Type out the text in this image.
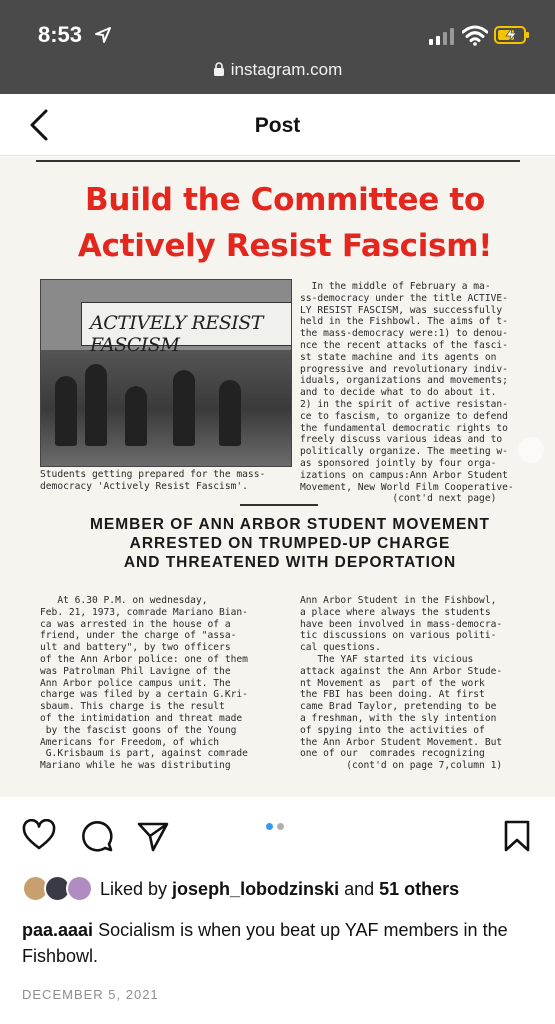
8:53
instagram.com
Post
Build the Committee to
Actively Resist Fascism!
ACTIVELY RESIST FASCISM
Students getting prepared for the mass-
democracy 'Actively Resist Fascism'.
In the middle of February a ma-
ss-democracy under the title ACTIVE-
LY RESIST FASCISM, was successfully
held in the Fishbowl. The aims of t-
the mass-democracy were:1) to denou-
nce the recent attacks of the fasci-
st state machine and its agents on
progressive and revolutionary indiv-
iduals, organizations and movements;
and to decide what to do about it.
2) in the spirit of active resistan-
ce to fascism, to organize to defend
the fundamental democratic rights to
freely discuss various ideas and to
politically organize. The meeting w-
as sponsored jointly by four orga-
izations on campus:Ann Arbor Student
Movement, New World Film Cooperative-
(cont'd next page)
MEMBER OF ANN ARBOR STUDENT MOVEMENT
ARRESTED ON TRUMPED-UP CHARGE
AND THREATENED WITH DEPORTATION
At 6.30 P.M. on wednesday,
Feb. 21, 1973, comrade Mariano Bian-
ca was arrested in the house of a
friend, under the charge of "assa-
ult and battery", by two officers
of the Ann Arbor police: one of them
was Patrolman Phil Lavigne of the
Ann Arbor police campus unit. The
charge was filed by a certain G.Kri-
sbaum. This charge is the result
of the intimidation and threat made
by the fascist goons of the Young
Americans for Freedom, of which
G.Krisbaum is part, against comrade
Mariano while he was distributing
Ann Arbor Student in the Fishbowl,
a place where always the students
have been involved in mass-democra-
tic discussions on various politi-
cal questions.
The YAF started its vicious
attack against the Ann Arbor Stude-
nt Movement as  part of the work
the FBI has been doing. At first
came Brad Taylor, pretending to be
a freshman, with the sly intention
of spying into the activities of
the Ann Arbor Student Movement. But
one of our  comrades recognizing
(cont'd on page 7,column 1)
Liked by joseph_lobodzinski and 51 others
paa.aaai Socialism is when you beat up YAF members in the Fishbowl.
DECEMBER 5, 2021
